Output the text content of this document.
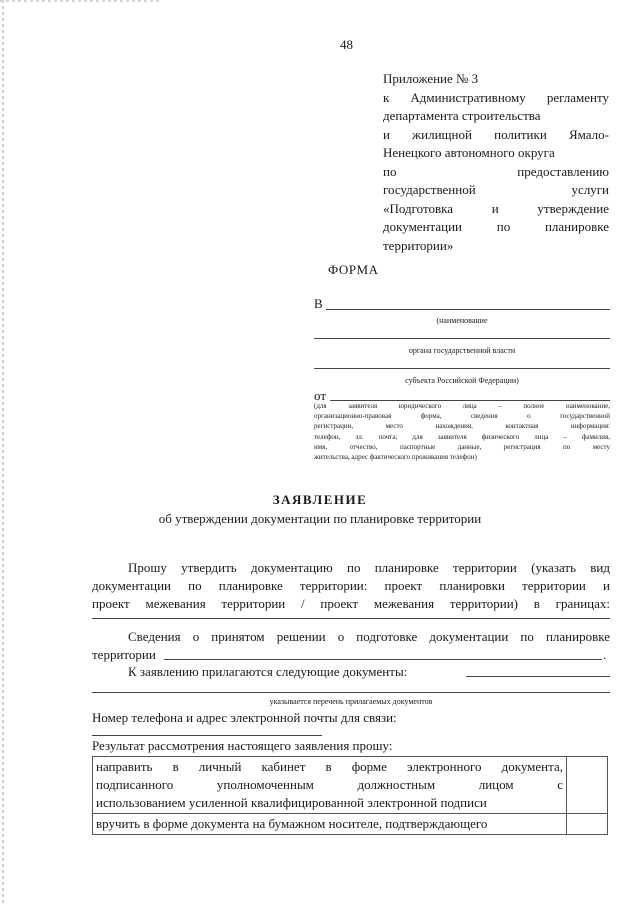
48
Приложение № 3
к Административному регламенту
департамента строительства
и жилищной политики Ямало-
Ненецкого автономного округа
по предоставлению
государственной услуги
«Подготовка и утверждение
документации по планировке
территории»
ФОРМА
В
(наименование
органа государственной власти
субъекта Российской Федерации)
от
(для заявителя юридического лица – полное наименование,
организационно-правовая форма, сведения о государственной
регистрации, место нахождения, контактная информация:
телефон, эл. почта; для заявителя физического лица – фамилия,
имя, отчество, паспортные данные, регистрация по месту
жительства, адрес фактического проживания телефон)
ЗАЯВЛЕНИЕ
об утверждении документации по планировке территории
Прошу утвердить документацию по планировке территории (указать вид
документации по планировке территории: проект планировки территории и
проект межевания территории / проект межевания территории) в границах:
Сведения о принятом решении о подготовке документации по планировке
территории	.
К заявлению прилагаются следующие документы:
указывается перечень прилагаемых документов
Номер телефона и адрес электронной почты для связи:
Результат рассмотрения настоящего заявления прошу:
направить в личный кабинет в форме электронного документа,
подписанного уполномоченным должностным лицом с
использованием усиленной квалифицированной электронной подписи	

вручить в форме документа на бумажном носителе, подтверждающего	
